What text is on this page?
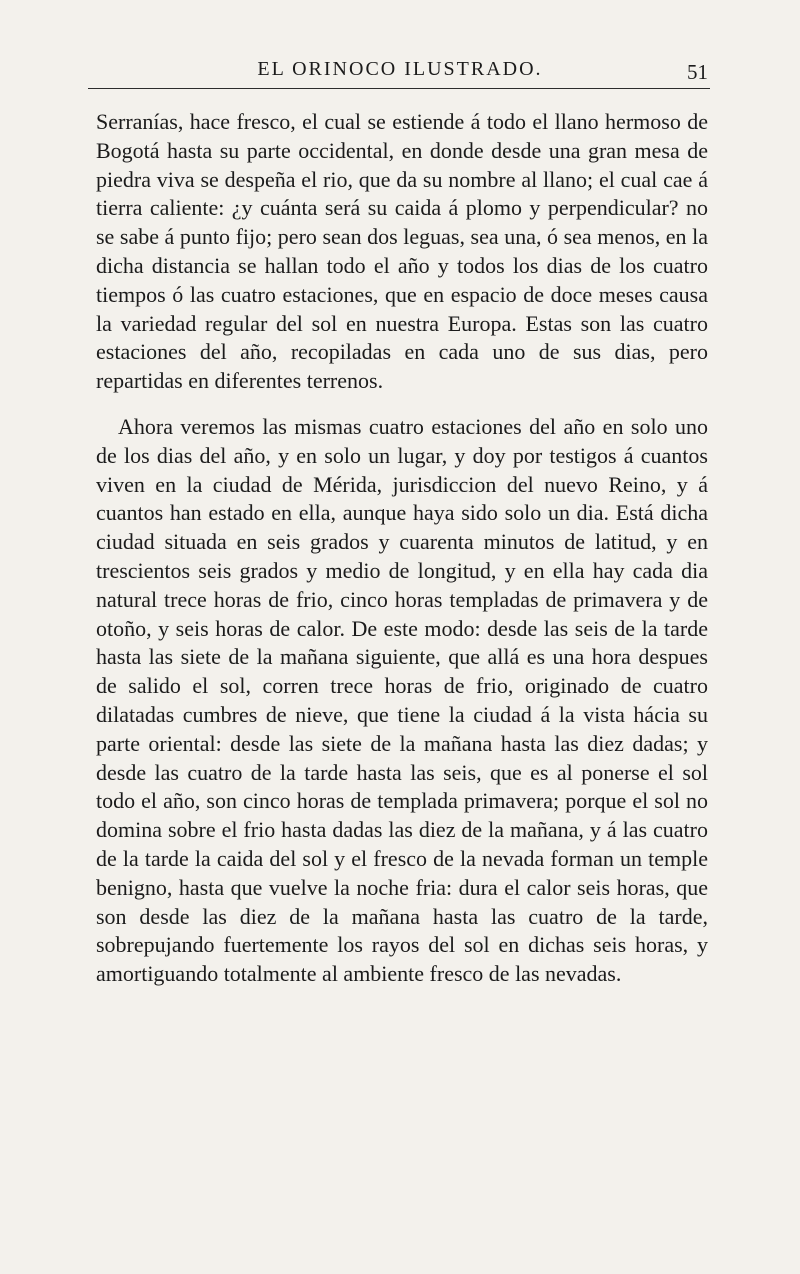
EL ORINOCO ILUSTRADO.	51

Serranías, hace fresco, el cual se estiende á todo el llano hermoso de Bogotá hasta su parte occidental, en donde desde una gran mesa de piedra viva se despeña el rio, que da su nombre al llano; el cual cae á tierra caliente: ¿y cuánta será su caida á plomo y perpendicular? no se sabe á punto fijo; pero sean dos leguas, sea una, ó sea menos, en la dicha distancia se hallan todo el año y todos los dias de los cuatro tiempos ó las cuatro estaciones, que en espacio de doce meses causa la variedad regular del sol en nuestra Europa. Estas son las cuatro estaciones del año, recopiladas en cada uno de sus dias, pero repartidas en diferentes terrenos.

Ahora veremos las mismas cuatro estaciones del año en solo uno de los dias del año, y en solo un lugar, y doy por testigos á cuantos viven en la ciudad de Mérida, jurisdiccion del nuevo Reino, y á cuantos han estado en ella, aunque haya sido solo un dia. Está dicha ciudad situada en seis grados y cuarenta minutos de latitud, y en trescientos seis grados y medio de longitud, y en ella hay cada dia natural trece horas de frio, cinco horas templadas de primavera y de otoño, y seis horas de calor. De este modo: desde las seis de la tarde hasta las siete de la mañana siguiente, que allá es una hora despues de salido el sol, corren trece horas de frio, originado de cuatro dilatadas cumbres de nieve, que tiene la ciudad á la vista hácia su parte oriental: desde las siete de la mañana hasta las diez dadas; y desde las cuatro de la tarde hasta las seis, que es al ponerse el sol todo el año, son cinco horas de templada primavera; porque el sol no domina sobre el frio hasta dadas las diez de la mañana, y á las cuatro de la tarde la caida del sol y el fresco de la nevada forman un temple benigno, hasta que vuelve la noche fria: dura el calor seis horas, que son desde las diez de la mañana hasta las cuatro de la tarde, sobrepujando fuertemente los rayos del sol en dichas seis horas, y amortiguando totalmente al ambiente fresco de las nevadas.
